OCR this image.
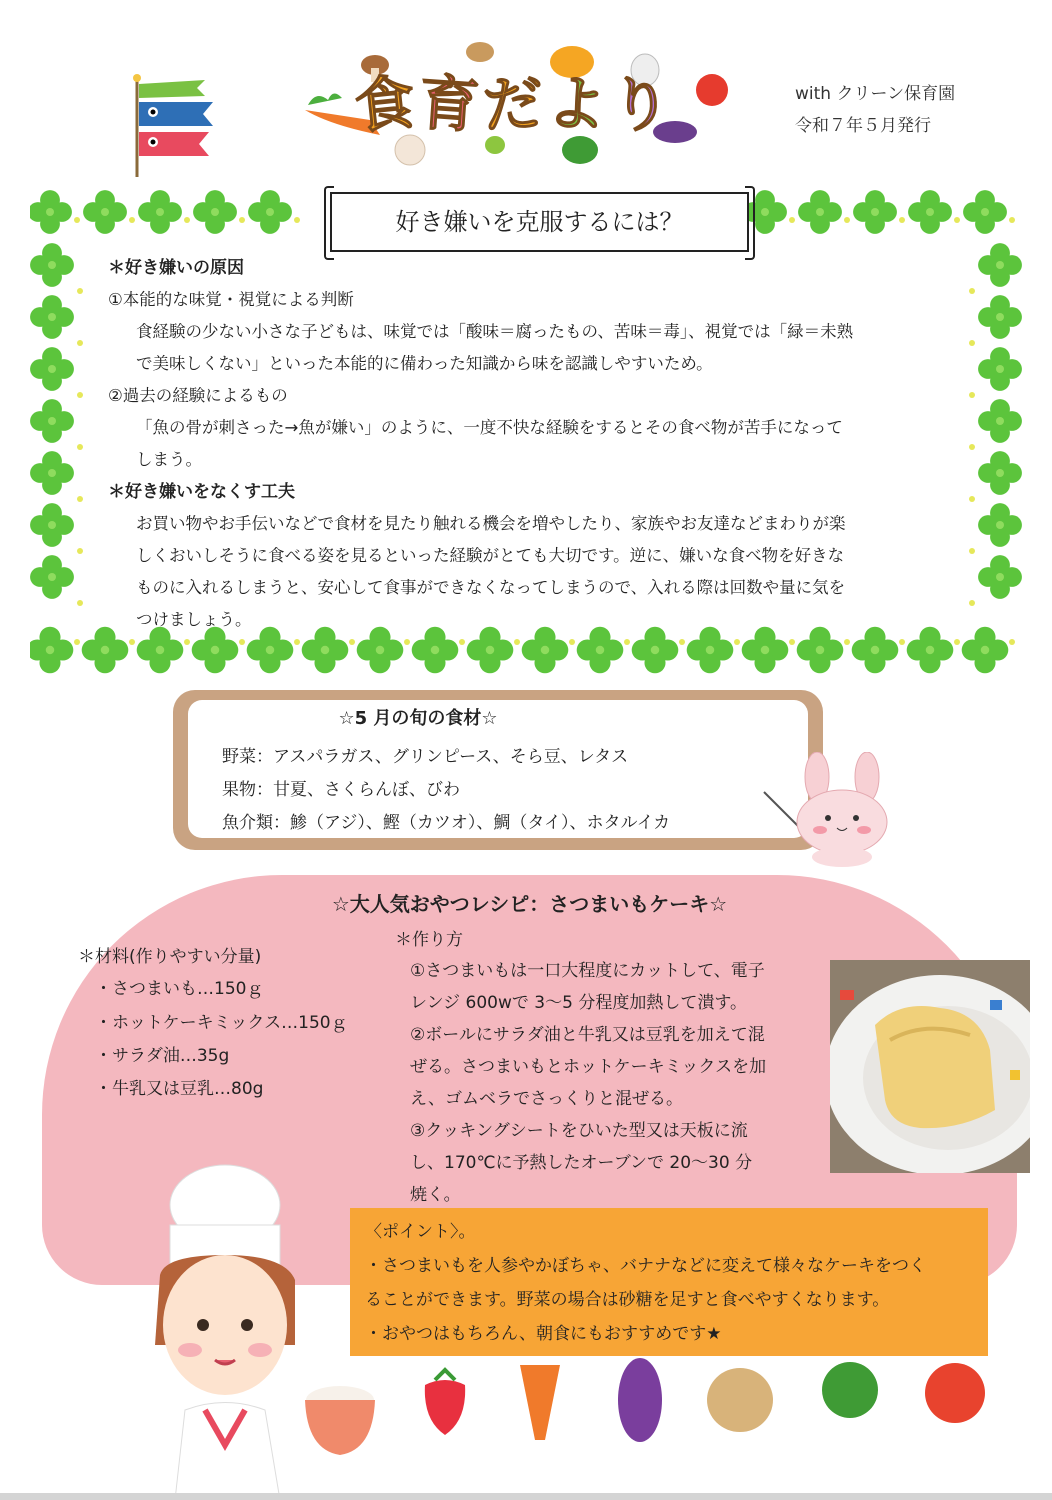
食育だより	with クリーン保育園
令和７年５月発行
好き嫌いを克服するには？
＊好き嫌いの原因
①本能的な味覚・視覚による判断
食経験の少ない小さな子どもは、味覚では「酸味＝腐ったもの、苦味＝毒」、視覚では「緑＝未熟
で美味しくない」といった本能的に備わった知識から味を認識しやすいため。
②過去の経験によるもの
「魚の骨が刺さった→魚が嫌い」のように、一度不快な経験をするとその食べ物が苦手になって
しまう。
＊好き嫌いをなくす工夫
お買い物やお手伝いなどで食材を見たり触れる機会を増やしたり、家族やお友達などまわりが楽
しくおいしそうに食べる姿を見るといった経験がとても大切です。逆に、嫌いな食べ物を好きな
ものに入れるしまうと、安心して食事ができなくなってしまうので、入れる際は回数や量に気を
つけましょう。
☆5 月の旬の食材☆
野菜：アスパラガス、グリンピース、そら豆、レタス
果物：甘夏、さくらんぼ、びわ
魚介類：鯵（アジ）、鰹（カツオ）、鯛（タイ）、ホタルイカ
☆大人気おやつレシピ：さつまいもケーキ☆
＊材料(作りやすい分量)
・さつまいも…150ｇ
・ホットケーキミックス…150ｇ
・サラダ油…35g
・牛乳又は豆乳…80g
＊作り方
①さつまいもは一口大程度にカットして、電子
レンジ 600wで 3～5 分程度加熱して潰す。
②ボールにサラダ油と牛乳又は豆乳を加えて混
ぜる。さつまいもとホットケーキミックスを加
え、ゴムベラでさっくりと混ぜる。
③クッキングシートをひいた型又は天板に流
し、170℃に予熱したオーブンで 20～30 分
焼く。
〈ポイント〉。
・さつまいもを人参やかぼちゃ、バナナなどに変えて様々なケーキをつく
ることができます。野菜の場合は砂糖を足すと食べやすくなります。
・おやつはもちろん、朝食にもおすすめです★
